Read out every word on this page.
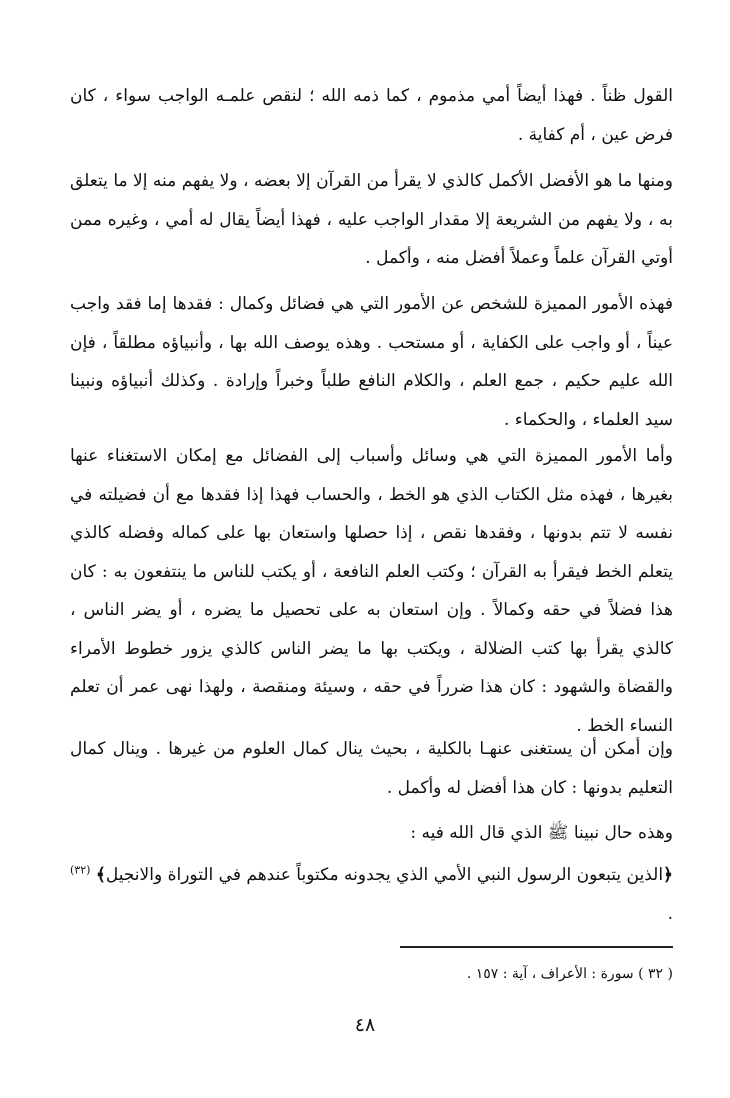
القول ظناً . فهذا أيضاً أمي مذموم ، كما ذمه الله ؛ لنقص علمـه الواجب سواء ، كان فرض عين ، أم كفاية .

ومنها ما هو الأفضل الأكمل كالذي لا يقرأ من القرآن إلا بعضه ، ولا يفهم منه إلا ما يتعلق به ، ولا يفهم من الشريعة إلا مقدار الواجب عليه ، فهذا أيضاً يقال له أمي ، وغيره ممن أوتي القرآن علماً وعملاً أفضل منه ، وأكمل .

فهذه الأمور المميزة للشخص عن الأمور التي هي فضائل وكمال : فقدها إما فقد واجب عيناً ، أو واجب على الكفاية ، أو مستحب . وهذه يوصف الله بها ، وأنبياؤه مطلقاً ، فإن الله عليم حكيم ، جمع العلم ، والكلام النافع طلباً وخبراً وإرادة . وكذلك أنبياؤه ونبينا سيد العلماء ، والحكماء .

وأما الأمور المميزة التي هي وسائل وأسباب إلى الفضائل مع إمكان الاستغناء عنها بغيرها ، فهذه مثل الكتاب الذي هو الخط ، والحساب فهذا إذا فقدها مع أن فضيلته في نفسه لا تتم بدونها ، وفقدها نقص ، إذا حصلها واستعان بها على كماله وفضله كالذي يتعلم الخط فيقرأ به القرآن ؛ وكتب العلم النافعة ، أو يكتب للناس ما ينتفعون به : كان هذا فضلاً في حقه وكمالاً . وإن استعان به على تحصيل ما يضره ، أو يضر الناس ، كالذي يقرأ بها كتب الضلالة ، ويكتب بها ما يضر الناس كالذي يزور خطوط الأمراء والقضاة والشهود : كان هذا ضرراً في حقه ، وسيئة ومنقصة ، ولهذا نهى عمر أن تعلم النساء الخط .

وإن أمكن أن يستغنى عنهـا بالكلية ، بحيث ينال كمال العلوم من غيرها . وينال كمال التعليم بدونها : كان هذا أفضل له وأكمل .

وهذه حال نبينا ﷺ الذي قال الله فيه :

﴿الذين يتبعون الرسول النبي الأمي الذي يجدونه مكتوباً عندهم في التوراة والانجيل﴾ $^{(٣٢)}$ .

( ٣٢ ) سورة : الأعراف ، آية : ١٥٧ .
٤٨
